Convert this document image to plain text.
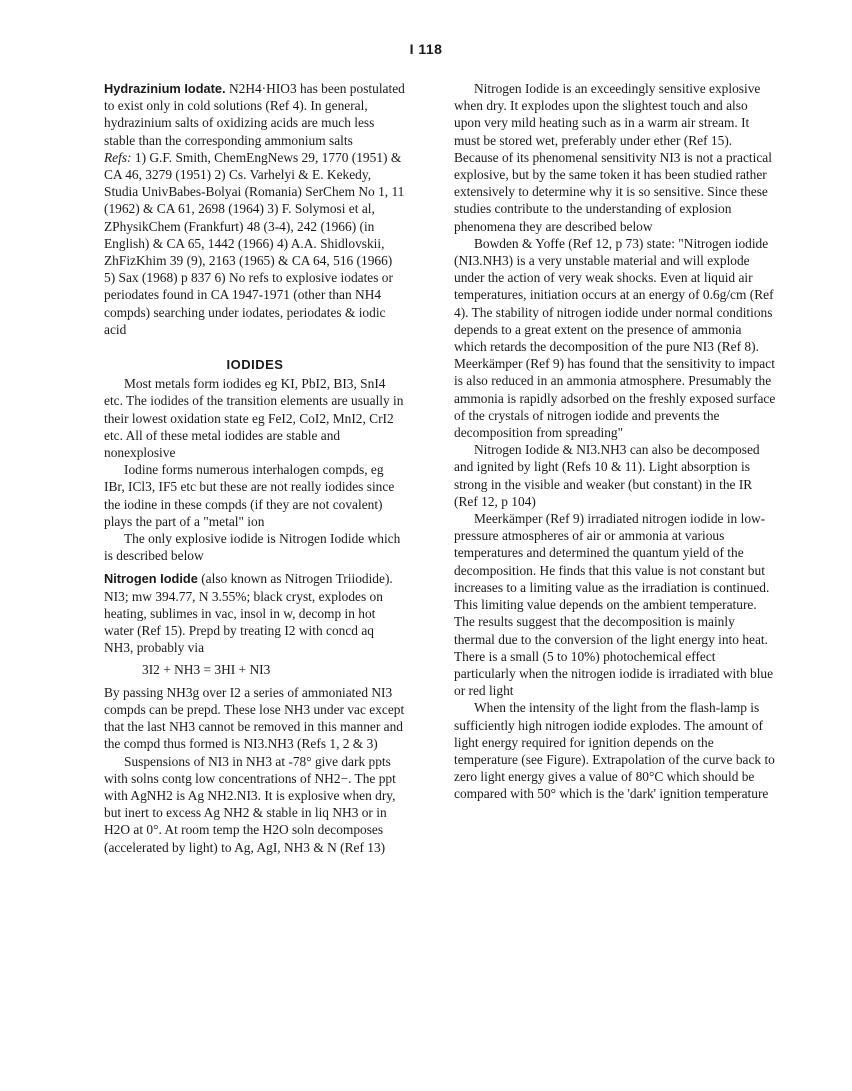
I 118

Hydrazinium Iodate. N2H4·HIO3 has been postulated to exist only in cold solutions (Ref 4). In general, hydrazinium salts of oxidizing acids are much less stable than the corresponding ammonium salts

Refs: 1) G.F. Smith, ChemEngNews 29, 1770 (1951) & CA 46, 3279 (1951) 2) Cs. Varhelyi & E. Kekedy, Studia UnivBabes-Bolyai (Romania) SerChem No 1, 11 (1962) & CA 61, 2698 (1964) 3) F. Solymosi et al, ZPhysikChem (Frankfurt) 48 (3-4), 242 (1966) (in English) & CA 65, 1442 (1966) 4) A.A. Shidlovskii, ZhFizKhim 39 (9), 2163 (1965) & CA 64, 516 (1966) 5) Sax (1968) p 837 6) No refs to explosive iodates or periodates found in CA 1947-1971 (other than NH4 compds) searching under iodates, periodates & iodic acid

IODIDES

Most metals form iodides eg KI, PbI2, BI3, SnI4 etc. The iodides of the transition elements are usually in their lowest oxidation state eg FeI2, CoI2, MnI2, CrI2 etc. All of these metal iodides are stable and nonexplosive

Iodine forms numerous interhalogen compds, eg IBr, ICl3, IF5 etc but these are not really iodides since the iodine in these compds (if they are not covalent) plays the part of a "metal" ion

The only explosive iodide is Nitrogen Iodide which is described below

Nitrogen Iodide (also known as Nitrogen Triiodide). NI3; mw 394.77, N 3.55%; black cryst, explodes on heating, sublimes in vac, insol in w, decomp in hot water (Ref 15). Prepd by treating I2 with concd aq NH3, probably via

3I2 + NH3 = 3HI + NI3

By passing NH3g over I2 a series of ammoniated NI3 compds can be prepd. These lose NH3 under vac except that the last NH3 cannot be removed in this manner and the compd thus formed is NI3.NH3 (Refs 1, 2 & 3)

Suspensions of NI3 in NH3 at -78° give dark ppts with solns contg low concentrations of NH2−. The ppt with AgNH2 is Ag NH2.NI3. It is explosive when dry, but inert to excess Ag NH2 & stable in liq NH3 or in H2O at 0°. At room temp the H2O soln decomposes (accelerated by light) to Ag, AgI, NH3 & N (Ref 13)

Nitrogen Iodide is an exceedingly sensitive explosive when dry. It explodes upon the slightest touch and also upon very mild heating such as in a warm air stream. It must be stored wet, preferably under ether (Ref 15). Because of its phenomenal sensitivity NI3 is not a practical explosive, but by the same token it has been studied rather extensively to determine why it is so sensitive. Since these studies contribute to the understanding of explosion phenomena they are described below

Bowden & Yoffe (Ref 12, p 73) state: "Nitrogen iodide (NI3.NH3) is a very unstable material and will explode under the action of very weak shocks. Even at liquid air temperatures, initiation occurs at an energy of 0.6g/cm (Ref 4). The stability of nitrogen iodide under normal conditions depends to a great extent on the presence of ammonia which retards the decomposition of the pure NI3 (Ref 8). Meerkämper (Ref 9) has found that the sensitivity to impact is also reduced in an ammonia atmosphere. Presumably the ammonia is rapidly adsorbed on the freshly exposed surface of the crystals of nitrogen iodide and prevents the decomposition from spreading"

Nitrogen Iodide & NI3.NH3 can also be decomposed and ignited by light (Refs 10 & 11). Light absorption is strong in the visible and weaker (but constant) in the IR (Ref 12, p 104)

Meerkämper (Ref 9) irradiated nitrogen iodide in low-pressure atmospheres of air or ammonia at various temperatures and determined the quantum yield of the decomposition. He finds that this value is not constant but increases to a limiting value as the irradiation is continued. This limiting value depends on the ambient temperature. The results suggest that the decomposition is mainly thermal due to the conversion of the light energy into heat. There is a small (5 to 10%) photochemical effect particularly when the nitrogen iodide is irradiated with blue or red light

When the intensity of the light from the flash-lamp is sufficiently high nitrogen iodide explodes. The amount of light energy required for ignition depends on the temperature (see Figure). Extrapolation of the curve back to zero light energy gives a value of 80°C which should be compared with 50° which is the 'dark' ignition temperature
